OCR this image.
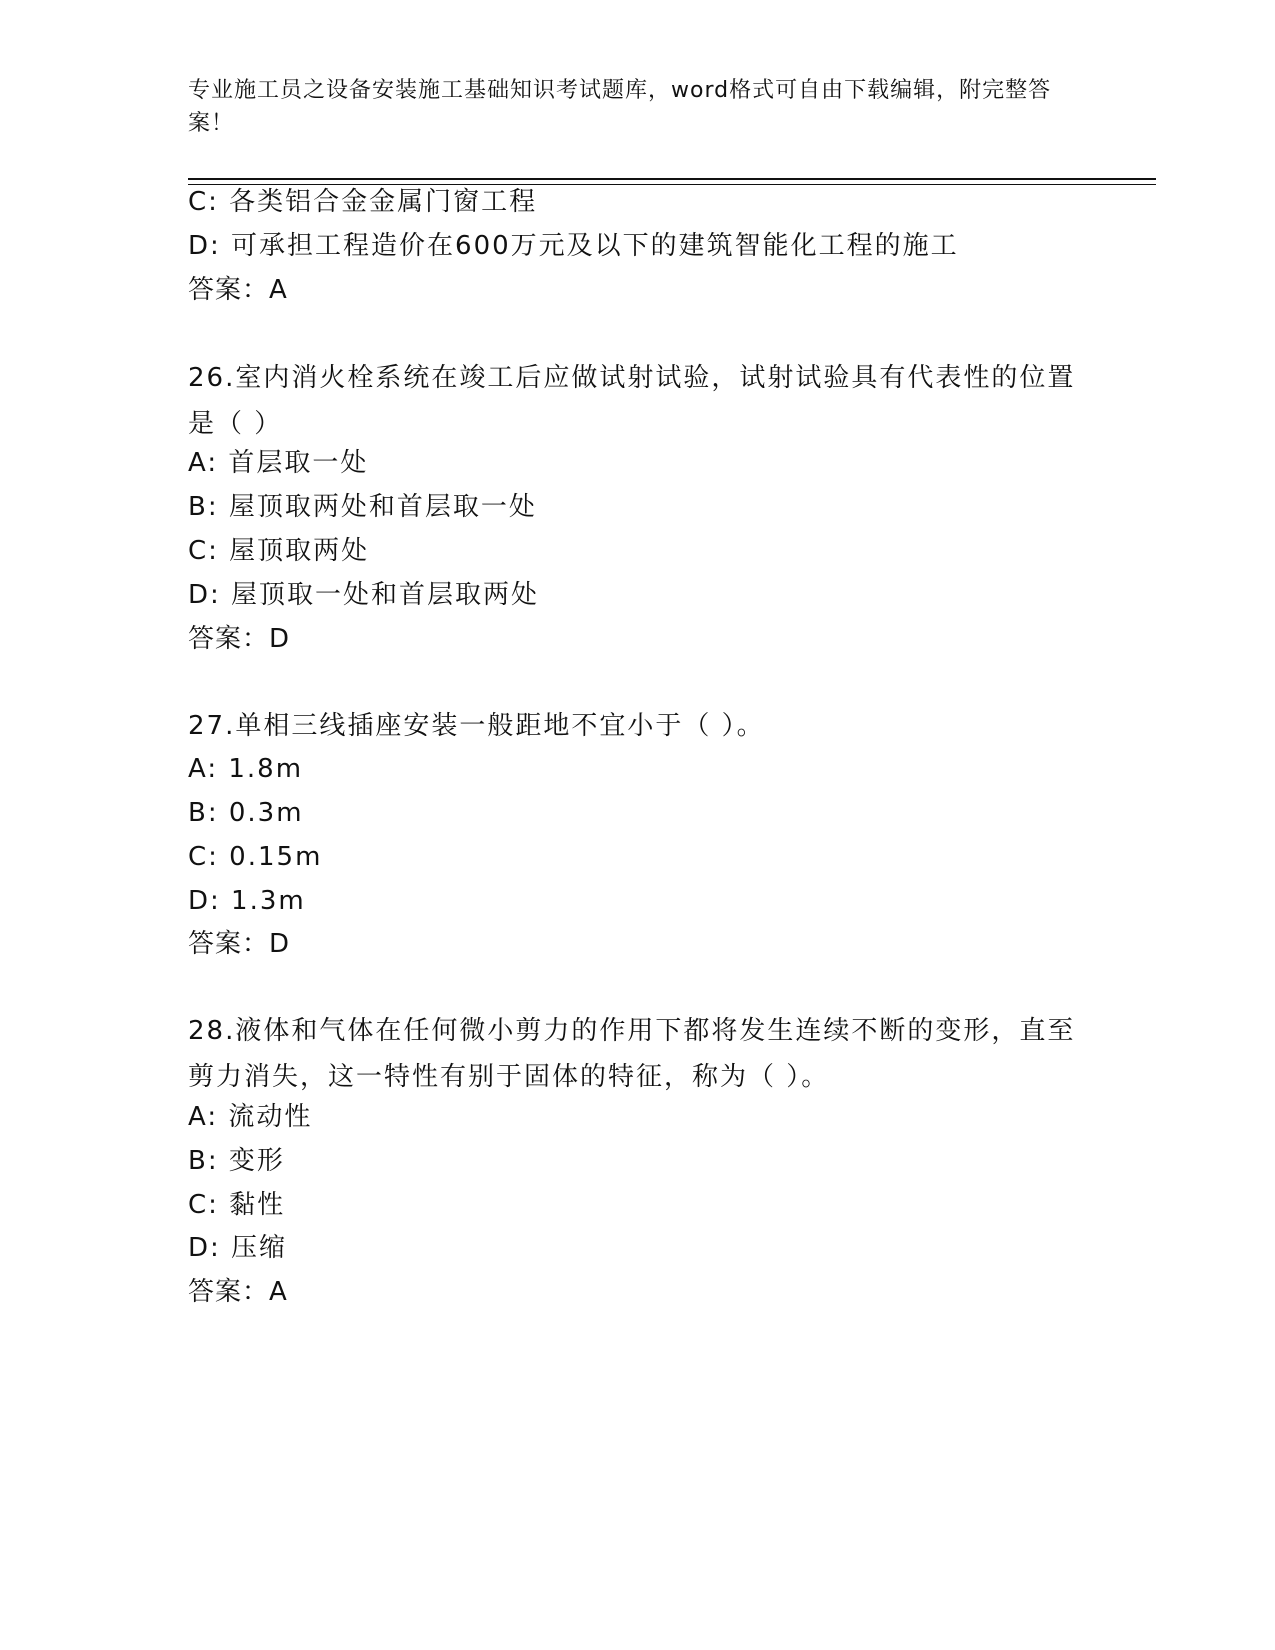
专业施工员之设备安装施工基础知识考试题库，word格式可自由下载编辑，附完整答案！
C: 各类铝合金金属门窗工程
D: 可承担工程造价在600万元及以下的建筑智能化工程的施工
答案：A
26.室内消火栓系统在竣工后应做试射试验，试射试验具有代表性的位置是（ ）
A: 首层取一处
B: 屋顶取两处和首层取一处
C: 屋顶取两处
D: 屋顶取一处和首层取两处
答案：D
27.单相三线插座安装一般距地不宜小于（ ）。
A: 1.8m
B: 0.3m
C: 0.15m
D: 1.3m
答案：D
28.液体和气体在任何微小剪力的作用下都将发生连续不断的变形，直至剪力消失，这一特性有别于固体的特征，称为（ ）。
A: 流动性
B: 变形
C: 黏性
D: 压缩
答案：A
